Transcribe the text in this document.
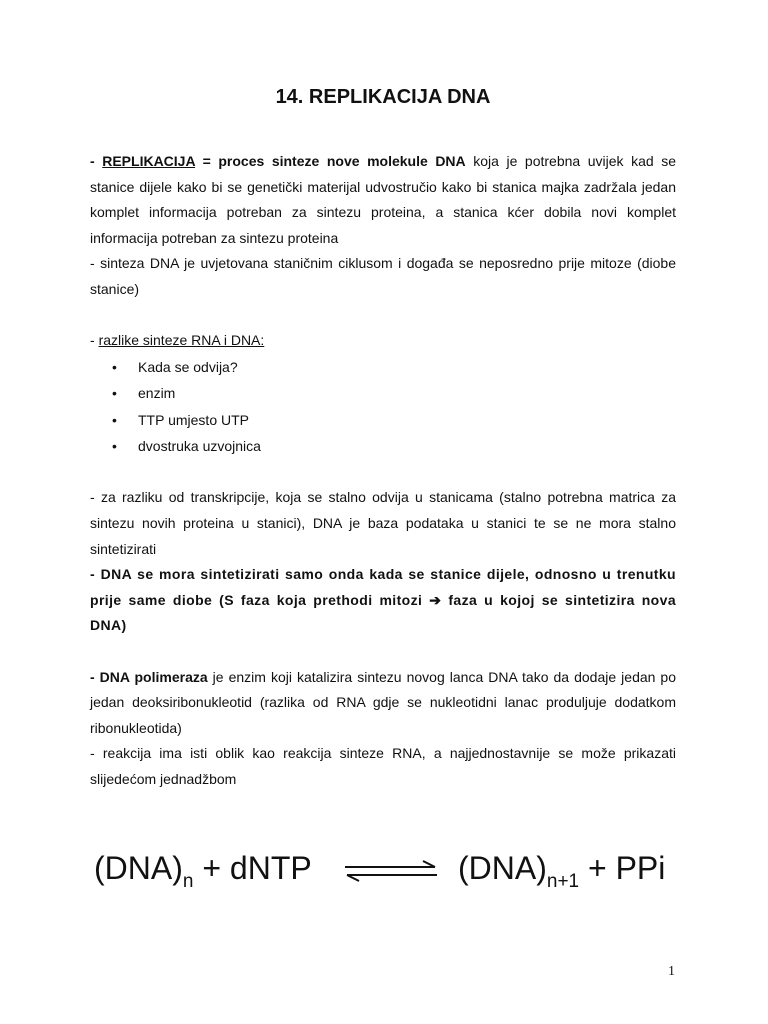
14. REPLIKACIJA DNA

- REPLIKACIJA = proces sinteze nove molekule DNA koja je potrebna uvijek kad se stanice dijele kako bi se genetički materijal udvostručio kako bi stanica majka zadržala jedan komplet informacija potreban za sintezu proteina, a stanica kćer dobila novi komplet informacija potreban za sintezu proteina

- sinteza DNA je uvjetovana staničnim ciklusom i događa se neposredno prije mitoze (diobe stanice)

- razlike sinteze RNA i DNA:

• Kada se odvija?
• enzim
• TTP umjesto UTP
• dvostruka uzvojnica

- za razliku od transkripcije, koja se stalno odvija u stanicama (stalno potrebna matrica za sintezu novih proteina u stanici), DNA je baza podataka u stanici te se ne mora stalno sintetizirati

- DNA se mora sintetizirati samo onda kada se stanice dijele, odnosno u trenutku prije same diobe (S faza koja prethodi mitozi ➔ faza u kojoj se sintetizira nova DNA)

- DNA polimeraza je enzim koji katalizira sintezu novog lanca DNA tako da dodaje jedan po jedan deoksiribonukleotid (razlika od RNA gdje se nukleotidni lanac produljuje dodatkom ribonukleotida)

- reakcija ima isti oblik kao reakcija sinteze RNA, a najjednostavnije se može prikazati slijedećom jednadžbom

$(DNA)_n$ + dNTP ⇌ $(DNA)_{n+1}$ + PPi
1
